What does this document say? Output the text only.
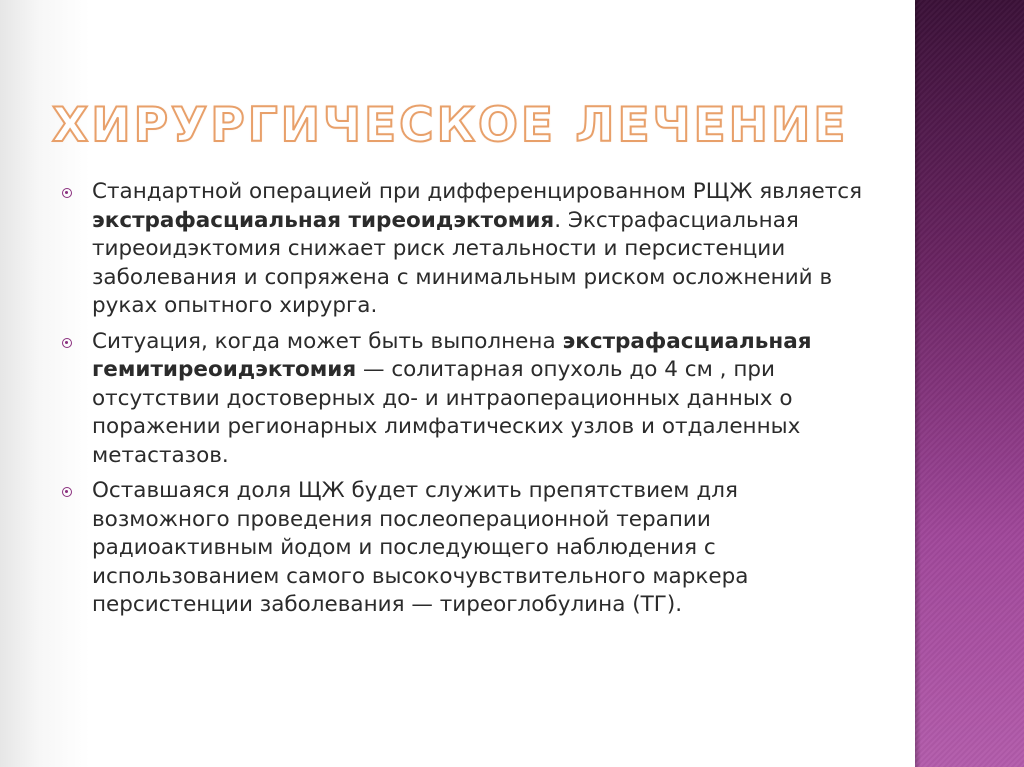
ХИРУРГИЧЕСКОЕ ЛЕЧЕНИЕ
Стандартной операцией при дифференцированном РЩЖ является экстрафасциальная тиреоидэктомия. Экстрафасциальная тиреоидэктомия снижает риск летальности и персистенции заболевания и сопряжена с минимальным риском осложнений в руках опытного хирурга.
Ситуация, когда может быть выполнена экстрафасциальная гемитиреоидэктомия — солитарная опухоль до 4 см , при отсутствии достоверных до- и интраоперационных данных о поражении регионарных лимфатических узлов и отдаленных метастазов.
Оставшаяся доля ЩЖ будет служить препятствием для возможного проведения послеоперационной терапии радиоактивным йодом и последующего наблюдения с использованием самого высокочувствительного маркера персистенции заболевания — тиреоглобулина (ТГ).
